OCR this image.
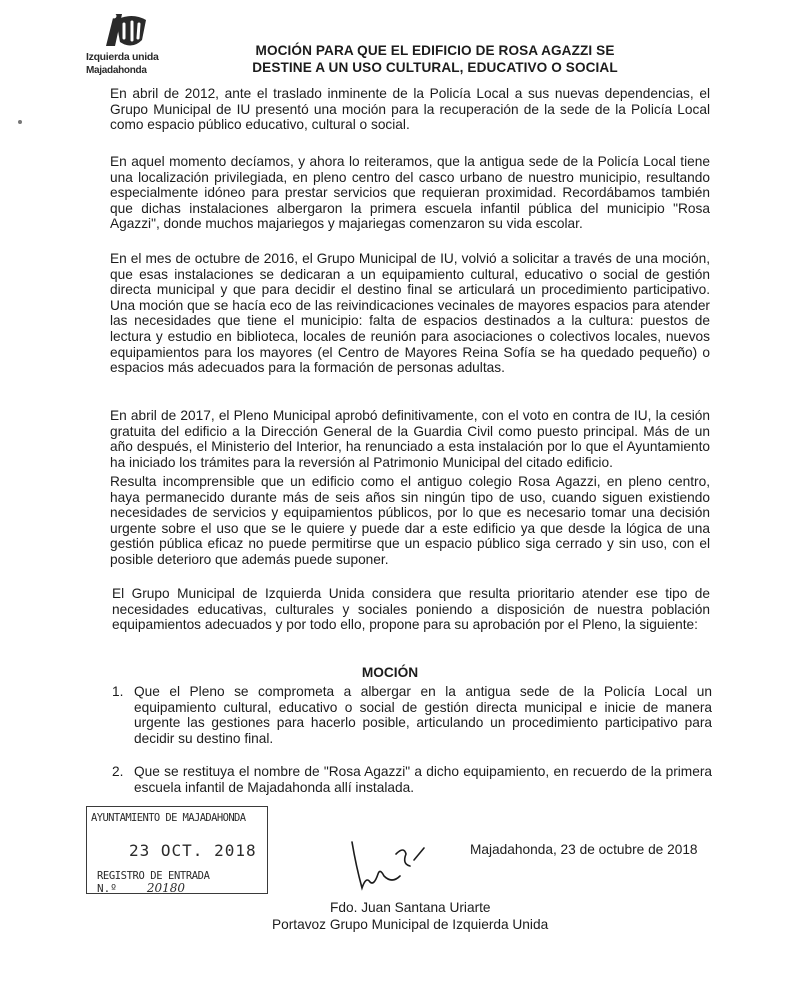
Izquierda unida
Majadahonda
MOCIÓN PARA QUE EL EDIFICIO DE ROSA AGAZZI SE
DESTINE A UN USO CULTURAL, EDUCATIVO O SOCIAL

En abril de 2012, ante el traslado inminente de la Policía Local a sus nuevas dependencias, el Grupo Municipal de IU presentó una moción para la recuperación de la sede de la Policía Local como espacio público educativo, cultural o social.

En aquel momento decíamos, y ahora lo reiteramos, que la antigua sede de la Policía Local tiene una localización privilegiada, en pleno centro del casco urbano de nuestro municipio, resultando especialmente idóneo para prestar servicios que requieran proximidad. Recordábamos también que dichas instalaciones albergaron la primera escuela infantil pública del municipio "Rosa Agazzi", donde muchos majariegos y majariegas comenzaron su vida escolar.

En el mes de octubre de 2016, el Grupo Municipal de IU, volvió a solicitar a través de una moción, que esas instalaciones se dedicaran a un equipamiento cultural, educativo o social de gestión directa municipal y que para decidir el destino final se articulará un procedimiento participativo. Una moción que se hacía eco de las reivindicaciones vecinales de mayores espacios para atender las necesidades que tiene el municipio: falta de espacios destinados a la cultura: puestos de lectura y estudio en biblioteca, locales de reunión para asociaciones o colectivos locales, nuevos equipamientos para los mayores (el Centro de Mayores Reina Sofía se ha quedado pequeño) o espacios más adecuados para la formación de personas adultas.

En abril de 2017, el Pleno Municipal aprobó definitivamente, con el voto en contra de IU, la cesión gratuita del edificio a la Dirección General de la Guardia Civil como puesto principal. Más de un año después, el Ministerio del Interior, ha renunciado a esta instalación por lo que el Ayuntamiento ha iniciado los trámites para la reversión al Patrimonio Municipal del citado edificio.

Resulta incomprensible que un edificio como el antiguo colegio Rosa Agazzi, en pleno centro, haya permanecido durante más de seis años sin ningún tipo de uso, cuando siguen existiendo necesidades de servicios y equipamientos públicos, por lo que es necesario tomar una decisión urgente sobre el uso que se le quiere y puede dar a este edificio ya que desde la lógica de una gestión pública eficaz no puede permitirse que un espacio público siga cerrado y sin uso, con el posible deterioro que además puede suponer.

El Grupo Municipal de Izquierda Unida considera que resulta prioritario atender ese tipo de necesidades educativas, culturales y sociales poniendo a disposición de nuestra población equipamientos adecuados y por todo ello, propone para su aprobación por el Pleno, la siguiente:

MOCIÓN
1. Que el Pleno se comprometa a albergar en la antigua sede de la Policía Local un equipamiento cultural, educativo o social de gestión directa municipal e inicie de manera urgente las gestiones para hacerlo posible, articulando un procedimiento participativo para decidir su destino final.
2. Que se restituya el nombre de "Rosa Agazzi" a dicho equipamiento, en recuerdo de la primera escuela infantil de Majadahonda allí instalada.
AYUNTAMIENTO DE MAJADAHONDA
23 OCT. 2018
REGISTRO DE ENTRADA
N.º	20180
Majadahonda, 23 de octubre de 2018
Fdo. Juan Santana Uriarte
Portavoz Grupo Municipal de Izquierda Unida
